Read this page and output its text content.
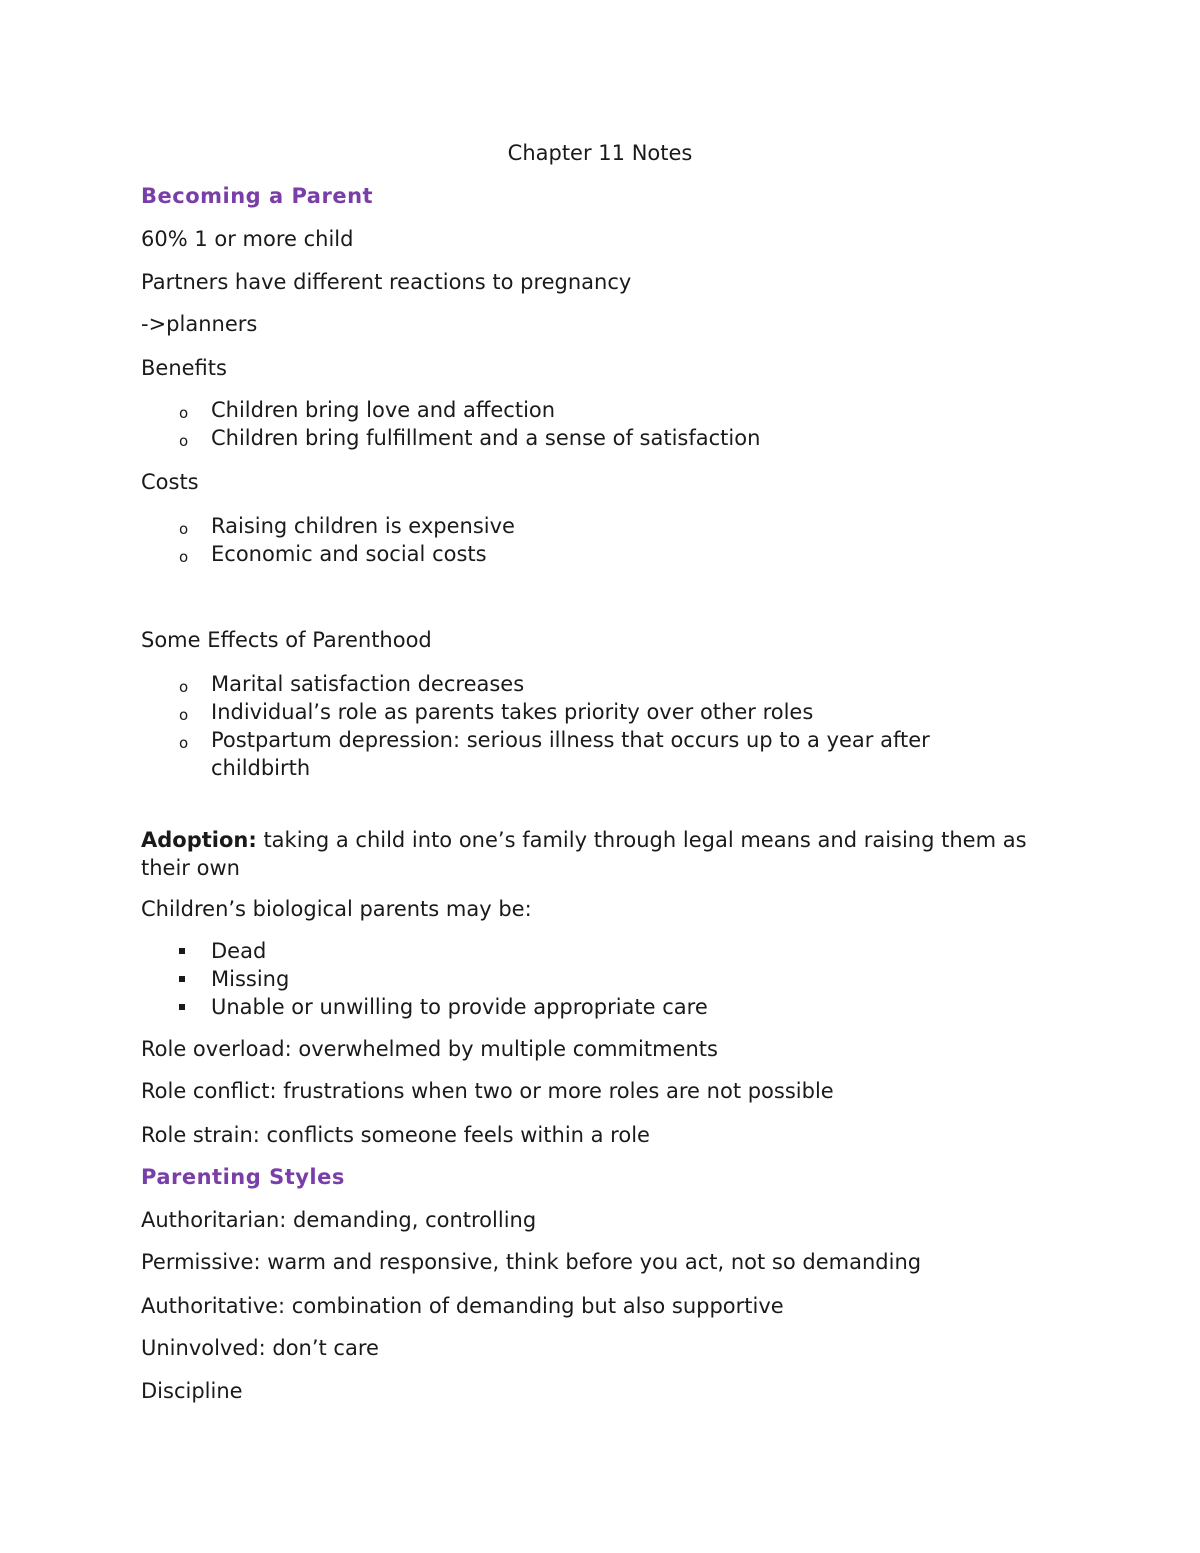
Chapter 11 Notes

Becoming a Parent

60% 1 or more child

Partners have different reactions to pregnancy

->planners

Benefits

o Children bring love and affection
o Children bring fulfillment and a sense of satisfaction

Costs

o Raising children is expensive
o Economic and social costs

Some Effects of Parenthood

o Marital satisfaction decreases
o Individual’s role as parents takes priority over other roles
o Postpartum depression: serious illness that occurs up to a year after childbirth

Adoption: taking a child into one’s family through legal means and raising them as their own

Children’s biological parents may be:

Dead
Missing
Unable or unwilling to provide appropriate care

Role overload: overwhelmed by multiple commitments

Role conflict: frustrations when two or more roles are not possible

Role strain: conflicts someone feels within a role

Parenting Styles

Authoritarian: demanding, controlling

Permissive: warm and responsive, think before you act, not so demanding

Authoritative: combination of demanding but also supportive

Uninvolved: don’t care

Discipline
